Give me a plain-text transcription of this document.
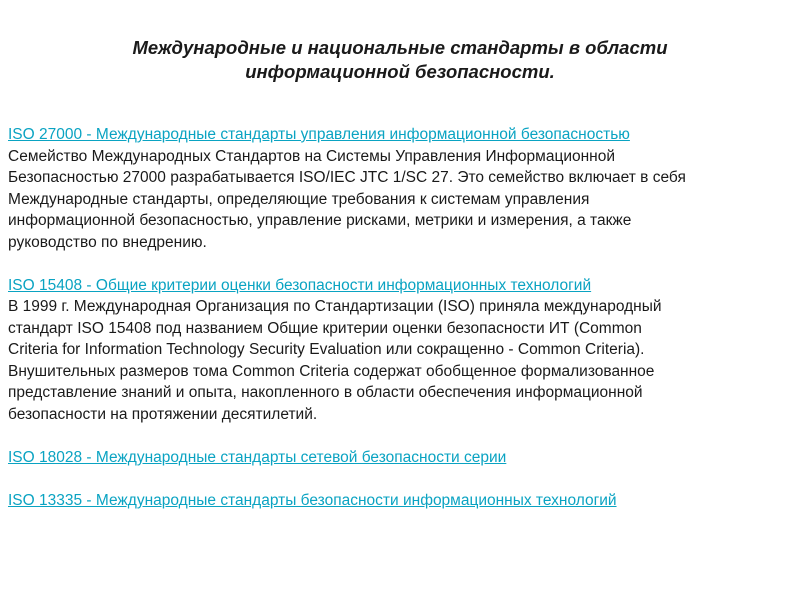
Международные и национальные стандарты в области
информационной безопасности.
ISO 27000 - Международные стандарты управления информационной безопасностью
Семейство Международных Стандартов на Системы Управления Информационной
Безопасностью 27000 разрабатывается ISO/IEC JTC 1/SC 27. Это семейство включает в себя
Международные стандарты, определяющие требования к системам управления
информационной безопасностью, управление рисками, метрики и измерения, а также
руководство по внедрению.
ISO 15408 - Общие критерии оценки безопасности информационных технологий
В 1999 г. Международная Организация по Стандартизации (ISO) приняла международный
стандарт ISO 15408 под названием Общие критерии оценки безопасности ИТ (Common
Criteria for Information Technology Security Evaluation или сокращенно - Common Criteria).
Внушительных размеров тома Common Criteria содержат обобщенное формализованное
представление знаний и опыта, накопленного в области обеспечения информационной
безопасности на протяжении десятилетий.
ISO 18028 - Международные стандарты сетевой безопасности серии
ISO 13335 - Международные стандарты безопасности информационных технологий
